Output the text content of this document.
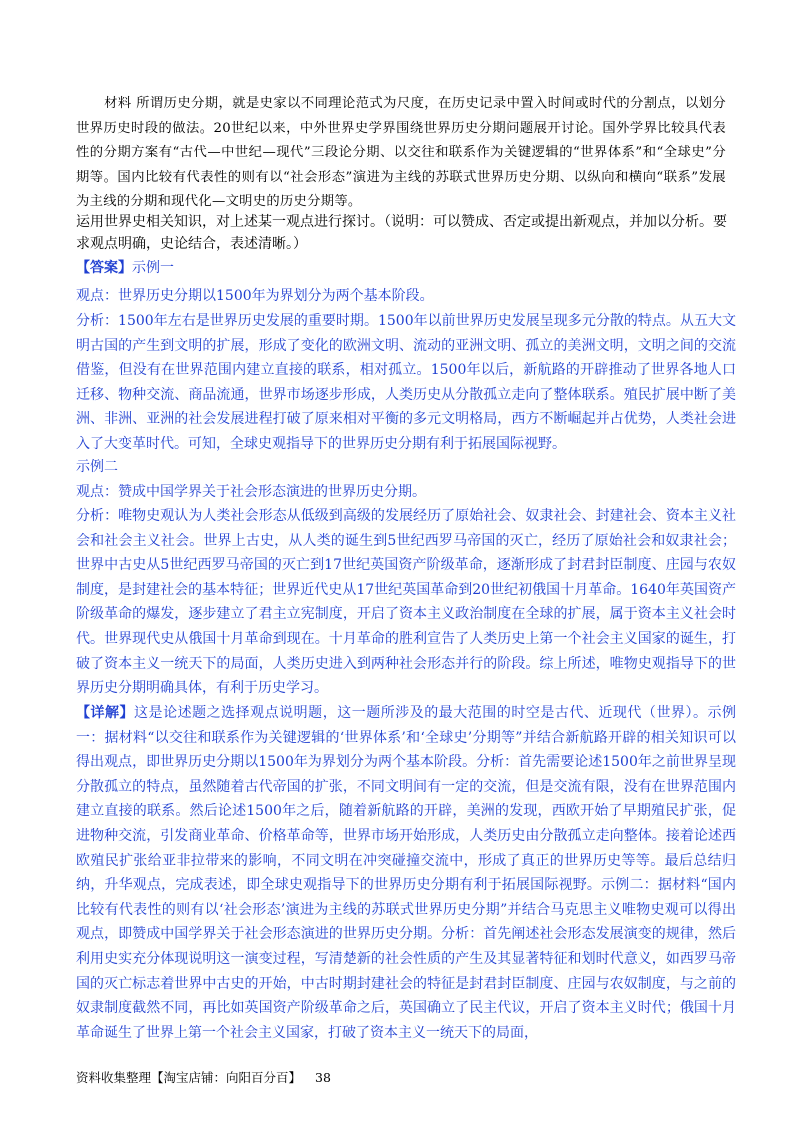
材料 所谓历史分期，就是史家以不同理论范式为尺度，在历史记录中置入时间或时代的分割点，以划分世界历史时段的做法。20世纪以来，中外世界史学界围绕世界历史分期问题展开讨论。国外学界比较具代表性的分期方案有“古代—中世纪—现代”三段论分期、以交往和联系作为关键逻辑的“世界体系”和“全球史”分期等。国内比较有代表性的则有以“社会形态”演进为主线的苏联式世界历史分期、以纵向和横向“联系”发展为主线的分期和现代化—文明史的历史分期等。
运用世界史相关知识，对上述某一观点进行探讨。（说明：可以赞成、否定或提出新观点，并加以分析。要求观点明确，史论结合，表述清晰。）
【答案】示例一

观点：世界历史分期以1500年为界划分为两个基本阶段。

分析：1500年左右是世界历史发展的重要时期。1500年以前世界历史发展呈现多元分散的特点。从五大文明古国的产生到文明的扩展，形成了变化的欧洲文明、流动的亚洲文明、孤立的美洲文明，文明之间的交流借鉴，但没有在世界范围内建立直接的联系，相对孤立。1500年以后，新航路的开辟推动了世界各地人口迁移、物种交流、商品流通，世界市场逐步形成，人类历史从分散孤立走向了整体联系。殖民扩展中断了美洲、非洲、亚洲的社会发展进程打破了原来相对平衡的多元文明格局，西方不断崛起并占优势，人类社会进入了大变革时代。可知，全球史观指导下的世界历史分期有利于拓展国际视野。

示例二

观点：赞成中国学界关于社会形态演进的世界历史分期。

分析：唯物史观认为人类社会形态从低级到高级的发展经历了原始社会、奴隶社会、封建社会、资本主义社会和社会主义社会。世界上古史，从人类的诞生到5世纪西罗马帝国的灭亡，经历了原始社会和奴隶社会；世界中古史从5世纪西罗马帝国的灭亡到17世纪英国资产阶级革命，逐渐形成了封君封臣制度、庄园与农奴制度，是封建社会的基本特征；世界近代史从17世纪英国革命到20世纪初俄国十月革命。1640年英国资产阶级革命的爆发，逐步建立了君主立宪制度，开启了资本主义政治制度在全球的扩展，属于资本主义社会时代。世界现代史从俄国十月革命到现在。十月革命的胜利宣告了人类历史上第一个社会主义国家的诞生，打破了资本主义一统天下的局面，人类历史进入到两种社会形态并行的阶段。综上所述，唯物史观指导下的世界历史分期明确具体，有利于历史学习。

【详解】这是论述题之选择观点说明题，这一题所涉及的最大范围的时空是古代、近现代（世界）。示例一：据材料“以交往和联系作为关键逻辑的‘世界体系’和‘全球史’分期等”并结合新航路开辟的相关知识可以得出观点，即世界历史分期以1500年为界划分为两个基本阶段。分析：首先需要论述1500年之前世界呈现分散孤立的特点，虽然随着古代帝国的扩张，不同文明间有一定的交流，但是交流有限，没有在世界范围内建立直接的联系。然后论述1500年之后，随着新航路的开辟，美洲的发现，西欧开始了早期殖民扩张，促进物种交流，引发商业革命、价格革命等，世界市场开始形成，人类历史由分散孤立走向整体。接着论述西欧殖民扩张给亚非拉带来的影响，不同文明在冲突碰撞交流中，形成了真正的世界历史等等。最后总结归纳，升华观点，完成表述，即全球史观指导下的世界历史分期有利于拓展国际视野。示例二：据材料“国内比较有代表性的则有以‘社会形态’演进为主线的苏联式世界历史分期”并结合马克思主义唯物史观可以得出观点，即赞成中国学界关于社会形态演进的世界历史分期。分析：首先阐述社会形态发展演变的规律，然后利用史实充分体现说明这一演变过程，写清楚新的社会性质的产生及其显著特征和划时代意义，如西罗马帝国的灭亡标志着世界中古史的开始，中古时期封建社会的特征是封君封臣制度、庄园与农奴制度，与之前的奴隶制度截然不同，再比如英国资产阶级革命之后，英国确立了民主代议，开启了资本主义时代；俄国十月革命诞生了世界上第一个社会主义国家，打破了资本主义一统天下的局面，

资料收集整理【淘宝店铺：向阳百分百】 38
